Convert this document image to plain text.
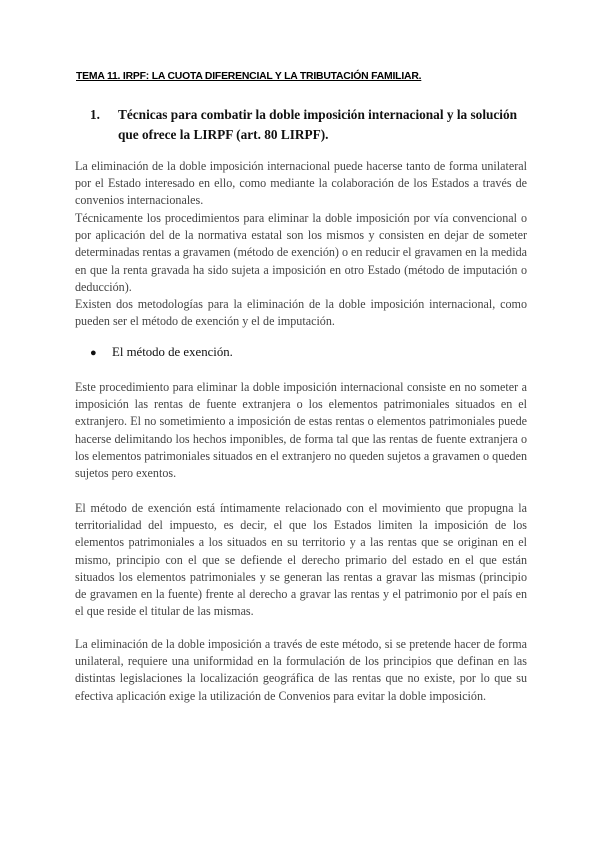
TEMA 11. IRPF: LA CUOTA DIFERENCIAL Y LA TRIBUTACIÓN FAMILIAR.
1.	Técnicas para combatir la doble imposición internacional y la solución que ofrece la LIRPF (art. 80 LIRPF).

La eliminación de la doble imposición internacional puede hacerse tanto de forma unilateral por el Estado interesado en ello, como mediante la colaboración de los Estados a través de convenios internacionales.

Técnicamente los procedimientos para eliminar la doble imposición por vía convencional o por aplicación del de la normativa estatal son los mismos y consisten en dejar de someter determinadas rentas a gravamen (método de exención) o en reducir el gravamen en la medida en que la renta gravada ha sido sujeta a imposición en otro Estado (método de imputación o deducción).

Existen dos metodologías para la eliminación de la doble imposición internacional, como pueden ser el método de exención y el de imputación.

● El método de exención.

Este procedimiento para eliminar la doble imposición internacional consiste en no someter a imposición las rentas de fuente extranjera o los elementos patrimoniales situados en el extranjero. El no sometimiento a imposición de estas rentas o elementos patrimoniales puede hacerse delimitando los hechos imponibles, de forma tal que las rentas de fuente extranjera o los elementos patrimoniales situados en el extranjero no queden sujetos a gravamen o queden sujetos pero exentos.

El método de exención está íntimamente relacionado con el movimiento que propugna la territorialidad del impuesto, es decir, el que los Estados limiten la imposición de los elementos patrimoniales a los situados en su territorio y a las rentas que se originan en el mismo, principio con el que se defiende el derecho primario del estado en el que están situados los elementos patrimoniales y se generan las rentas a gravar las mismas (principio de gravamen en la fuente) frente al derecho a gravar las rentas y el patrimonio por el país en el que reside el titular de las mismas.

La eliminación de la doble imposición a través de este método, si se pretende hacer de forma unilateral, requiere una uniformidad en la formulación de los principios que definan en las distintas legislaciones la localización geográfica de las rentas que no existe, por lo que su efectiva aplicación exige la utilización de Convenios para evitar la doble imposición.
